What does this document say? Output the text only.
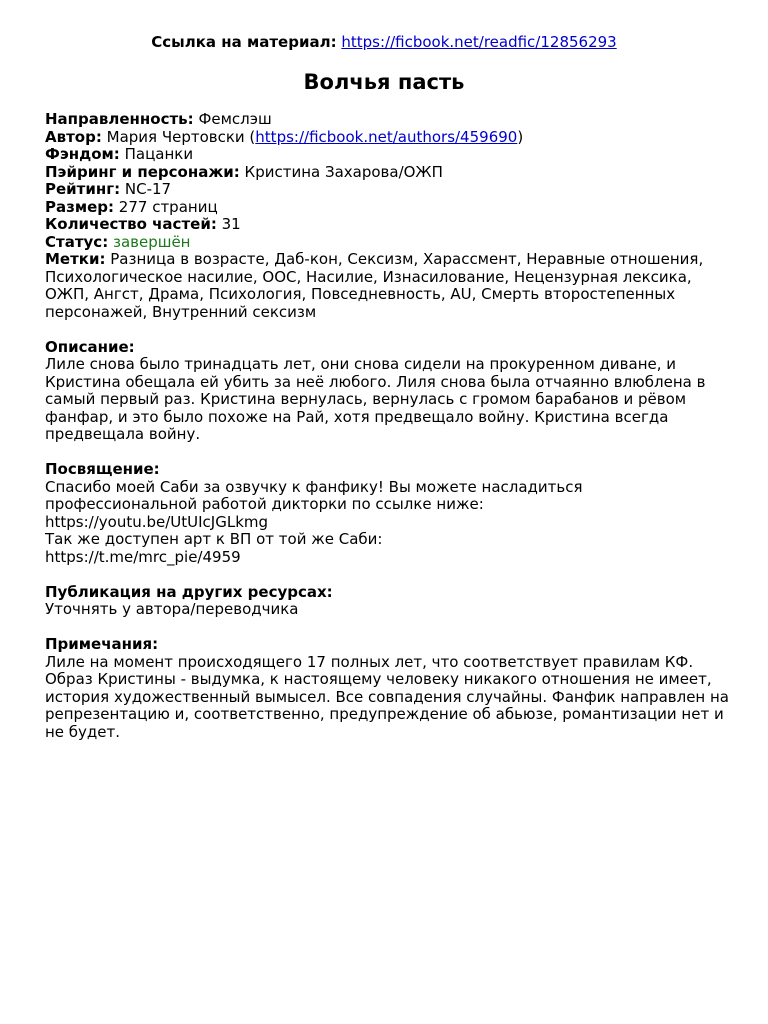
Ссылка на материал: https://ficbook.net/readfic/12856293
Волчья пасть
Направленность: Фемслэш
Автор: Мария Чертовски (https://ficbook.net/authors/459690)
Фэндом: Пацанки
Пэйринг и персонажи: Кристина Захарова/ОЖП
Рейтинг: NC-17
Размер: 277 страниц
Количество частей: 31
Статус: завершён
Метки: Разница в возрасте, Даб-кон, Сексизм, Харассмент, Неравные отношения, Психологическое насилие, ООС, Насилие, Изнасилование, Нецензурная лексика, ОЖП, Ангст, Драма, Психология, Повседневность, AU, Смерть второстепенных персонажей, Внутренний сексизм
Описание:
Лиле снова было тринадцать лет, они снова сидели на прокуренном диване, и Кристина обещала ей убить за неё любого. Лиля снова была отчаянно влюблена в самый первый раз. Кристина вернулась, вернулась с громом барабанов и рёвом фанфар, и это было похоже на Рай, хотя предвещало войну. Кристина всегда предвещала войну.
Посвящение:
Спасибо моей Саби за озвучку к фанфику! Вы можете насладиться профессиональной работой дикторки по ссылке ниже:
https://youtu.be/UtUIcJGLkmg
Так же доступен арт к ВП от той же Саби:
https://t.me/mrc_pie/4959
Публикация на других ресурсах:
Уточнять у автора/переводчика
Примечания:
Лиле на момент происходящего 17 полных лет, что соответствует правилам КФ. Образ Кристины - выдумка, к настоящему человеку никакого отношения не имеет, история художественный вымысел. Все совпадения случайны. Фанфик направлен на репрезентацию и, соответственно, предупреждение об абьюзе, романтизации нет и не будет.
